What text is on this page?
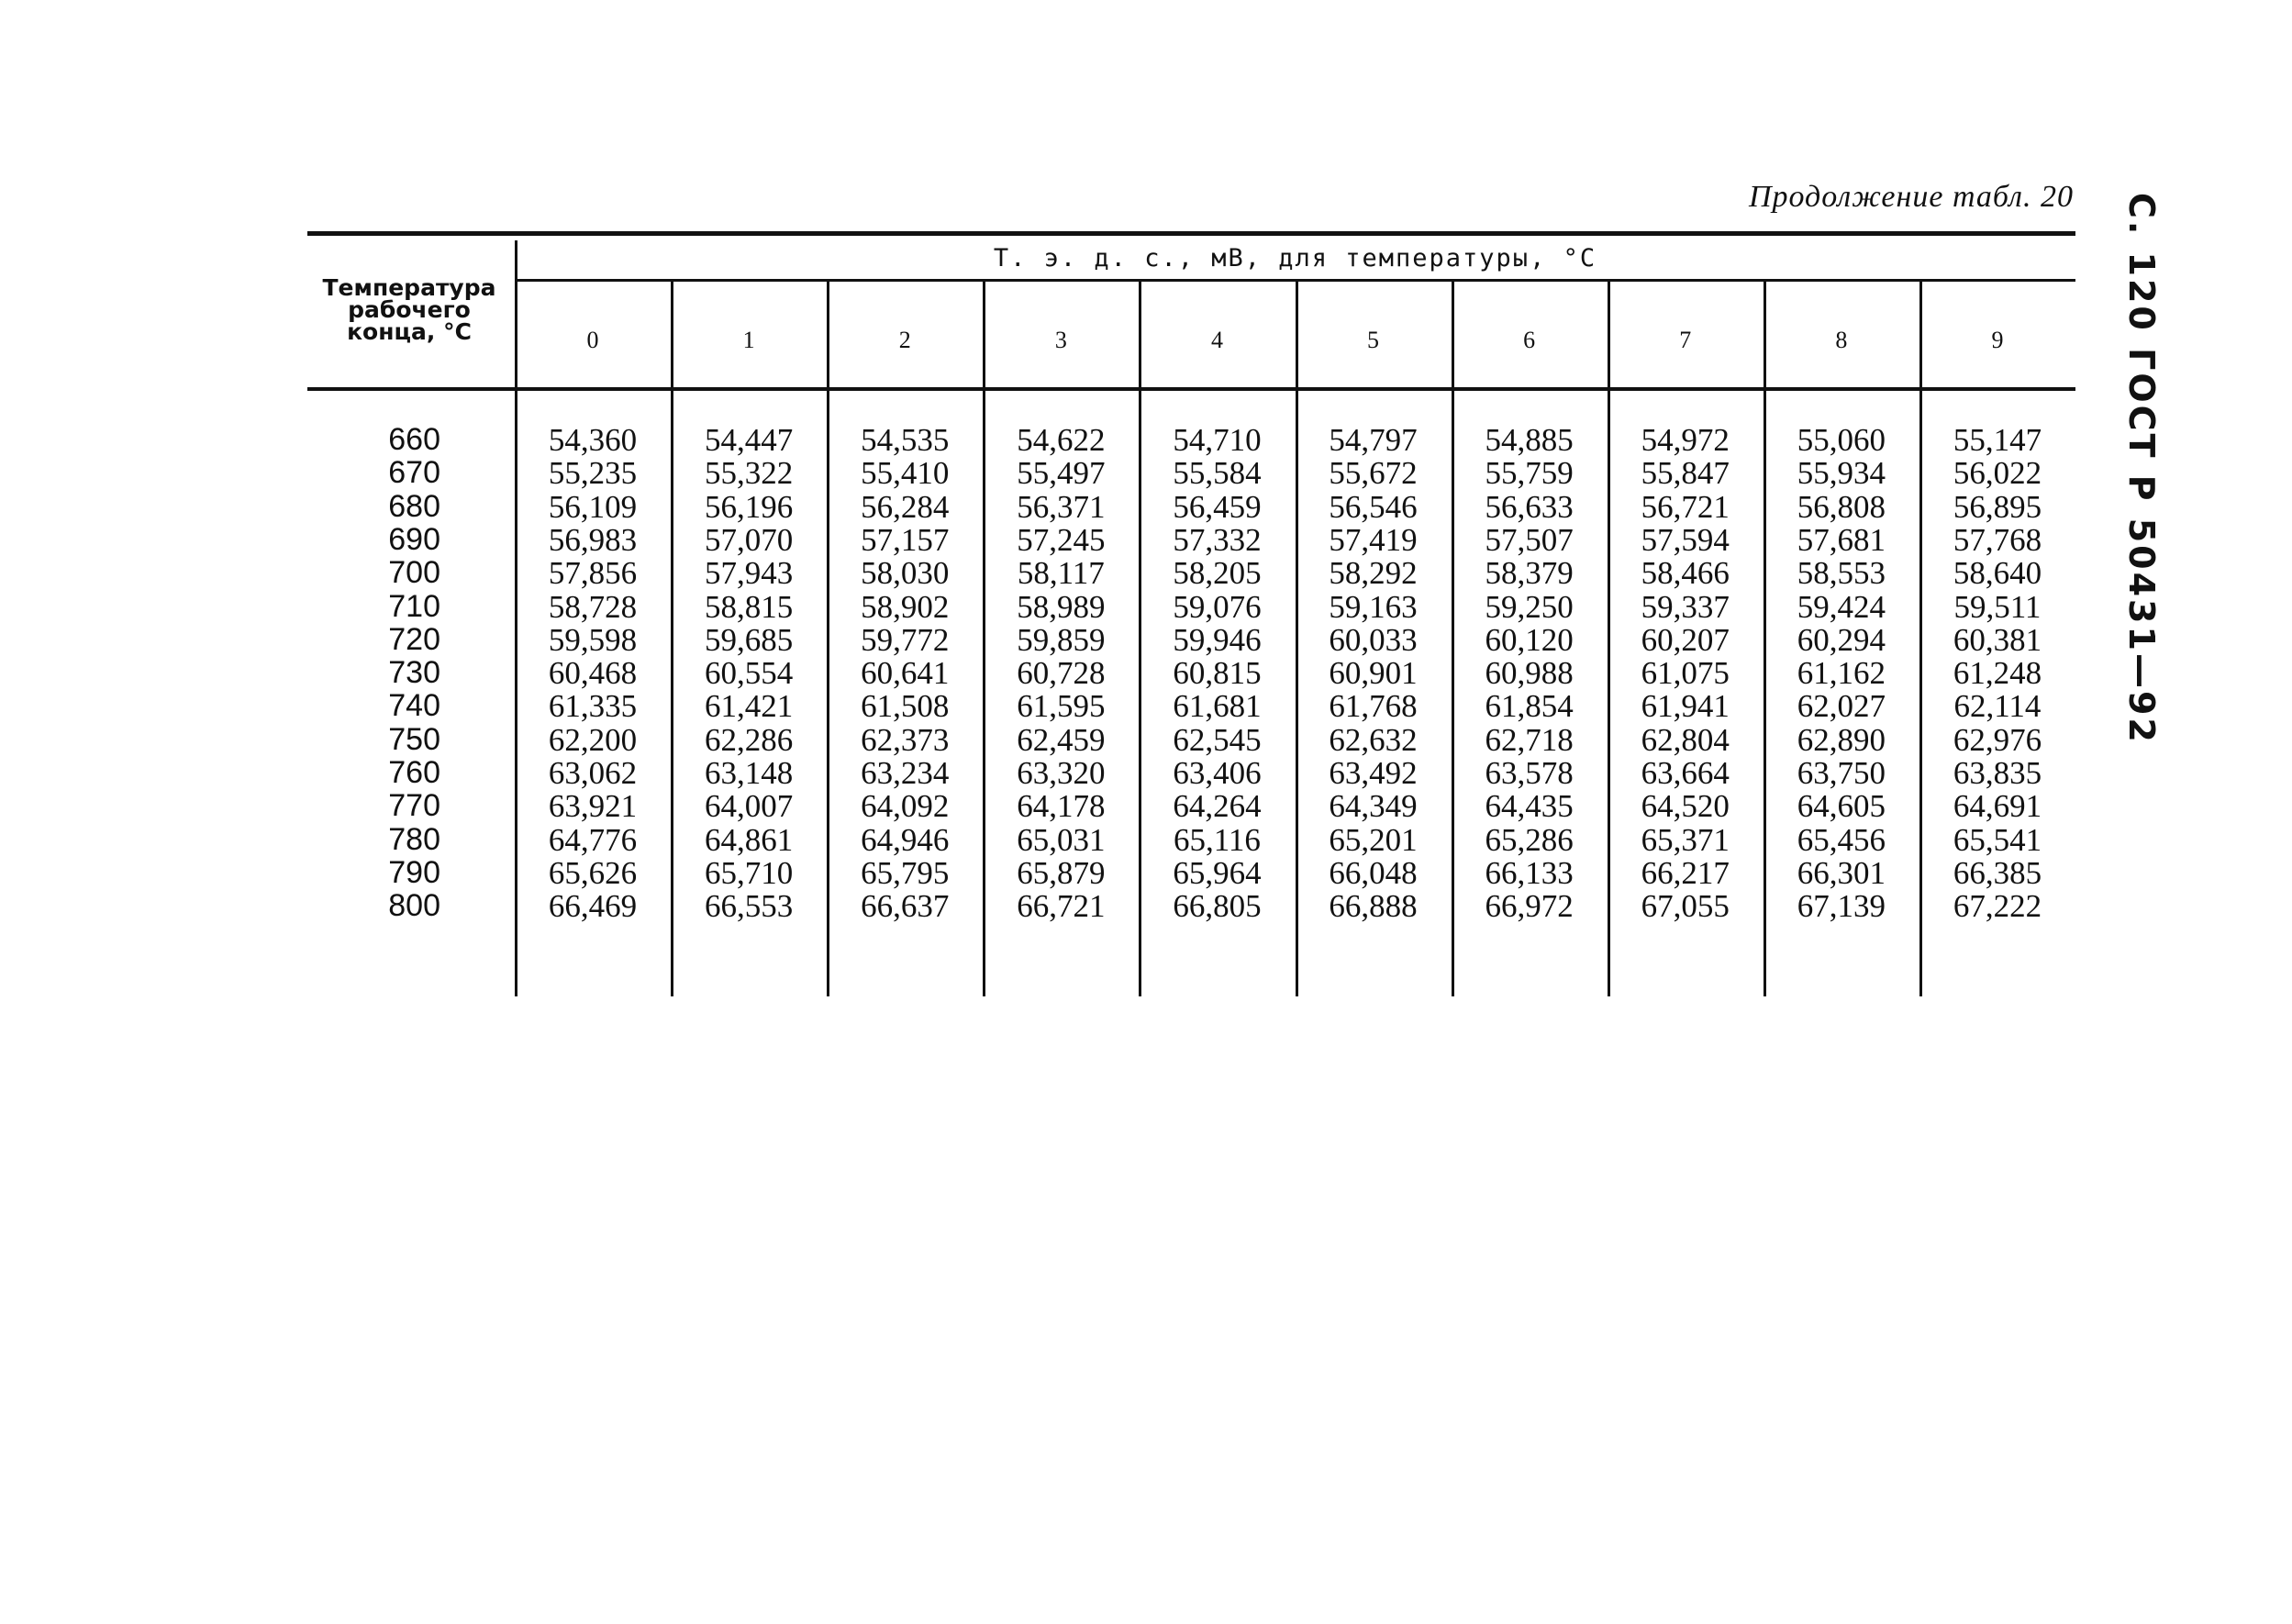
Продолжение табл. 20	С. 120 ГОСТ Р 50431—92
Температура
рабочего
конца, °С
Т. э. д. с., мВ, для температуры, °С
0	1	2	3	4	5	6	7	8	9
660	54,360	54,447	54,535	54,622	54,710	54,797	54,885	54,972	55,060	55,147
670	55,235	55,322	55,410	55,497	55,584	55,672	55,759	55,847	55,934	56,022
680	56,109	56,196	56,284	56,371	56,459	56,546	56,633	56,721	56,808	56,895
690	56,983	57,070	57,157	57,245	57,332	57,419	57,507	57,594	57,681	57,768
700	57,856	57,943	58,030	58,117	58,205	58,292	58,379	58,466	58,553	58,640
710	58,728	58,815	58,902	58,989	59,076	59,163	59,250	59,337	59,424	59,511
720	59,598	59,685	59,772	59,859	59,946	60,033	60,120	60,207	60,294	60,381
730	60,468	60,554	60,641	60,728	60,815	60,901	60,988	61,075	61,162	61,248
740	61,335	61,421	61,508	61,595	61,681	61,768	61,854	61,941	62,027	62,114
750	62,200	62,286	62,373	62,459	62,545	62,632	62,718	62,804	62,890	62,976
760	63,062	63,148	63,234	63,320	63,406	63,492	63,578	63,664	63,750	63,835
770	63,921	64,007	64,092	64,178	64,264	64,349	64,435	64,520	64,605	64,691
780	64,776	64,861	64,946	65,031	65,116	65,201	65,286	65,371	65,456	65,541
790	65,626	65,710	65,795	65,879	65,964	66,048	66,133	66,217	66,301	66,385
800	66,469	66,553	66,637	66,721	66,805	66,888	66,972	67,055	67,139	67,222
